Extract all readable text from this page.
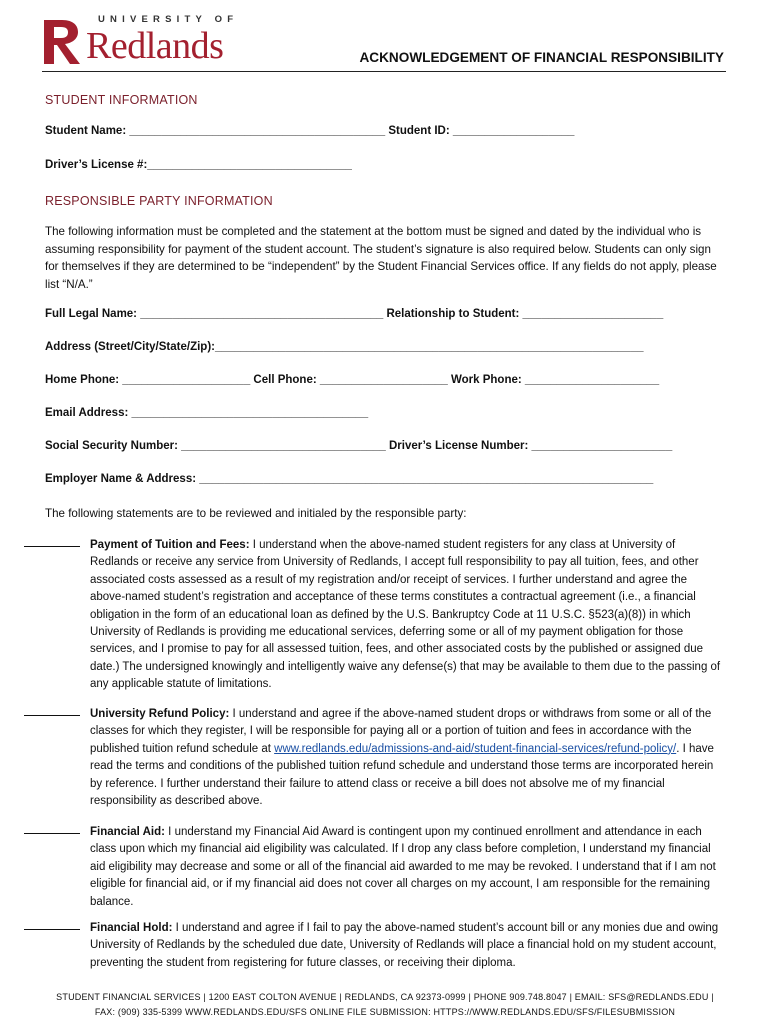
UNIVERSITY OF
Redlands	ACKNOWLEDGEMENT OF FINANCIAL RESPONSIBILITY
STUDENT INFORMATION
Student Name: ________________________________________ Student ID: ___________________
Driver’s License #:________________________________
RESPONSIBLE PARTY INFORMATION

The following information must be completed and the statement at the bottom must be signed and dated by the individual who is assuming responsibility for payment of the student account. The student’s signature is also required below. Students can only sign for themselves if they are determined to be “independent” by the Student Financial Services office. If any fields do not apply, please list “N/A.”

Full Legal Name: ______________________________________ Relationship to Student: ______________________
Address (Street/City/State/Zip):___________________________________________________________________
Home Phone: ____________________ Cell Phone: ____________________ Work Phone: _____________________
Email Address: _____________________________________
Social Security Number: ________________________________ Driver’s License Number: ______________________
Employer Name & Address: _______________________________________________________________________

The following statements are to be reviewed and initialed by the responsible party:

Payment of Tuition and Fees: I understand when the above-named student registers for any class at University of Redlands or receive any service from University of Redlands, I accept full responsibility to pay all tuition, fees, and other associated costs assessed as a result of my registration and/or receipt of services. I further understand and agree the above-named student’s registration and acceptance of these terms constitutes a contractual agreement (i.e., a financial obligation in the form of an educational loan as defined by the U.S. Bankruptcy Code at 11 U.S.C. §523(a)(8)) in which University of Redlands is providing me educational services, deferring some or all of my payment obligation for those services, and I promise to pay for all assessed tuition, fees, and other associated costs by the published or assigned due date.) The undersigned knowingly and intelligently waive any defense(s) that may be available to them due to the passing of any applicable statute of limitations.

University Refund Policy: I understand and agree if the above-named student drops or withdraws from some or all of the classes for which they register, I will be responsible for paying all or a portion of tuition and fees in accordance with the published tuition refund schedule at www.redlands.edu/admissions-and-aid/student-financial-services/refund-policy/. I have read the terms and conditions of the published tuition refund schedule and understand those terms are incorporated herein by reference. I further understand their failure to attend class or receive a bill does not absolve me of my financial responsibility as described above.

Financial Aid: I understand my Financial Aid Award is contingent upon my continued enrollment and attendance in each class upon which my financial aid eligibility was calculated. If I drop any class before completion, I understand my financial aid eligibility may decrease and some or all of the financial aid awarded to me may be revoked. I understand that if I am not eligible for financial aid, or if my financial aid does not cover all charges on my account, I am responsible for the remaining balance.

Financial Hold: I understand and agree if I fail to pay the above-named student’s account bill or any monies due and owing University of Redlands by the scheduled due date, University of Redlands will place a financial hold on my student account, preventing the student from registering for future classes, or receiving their diploma.

STUDENT FINANCIAL SERVICES | 1200 EAST COLTON AVENUE | REDLANDS, CA 92373-0999 | PHONE 909.748.8047 | EMAIL: SFS@REDLANDS.EDU |
FAX: (909) 335-5399 WWW.REDLANDS.EDU/SFS ONLINE FILE SUBMISSION: HTTPS://WWW.REDLANDS.EDU/SFS/FILESUBMISSION
